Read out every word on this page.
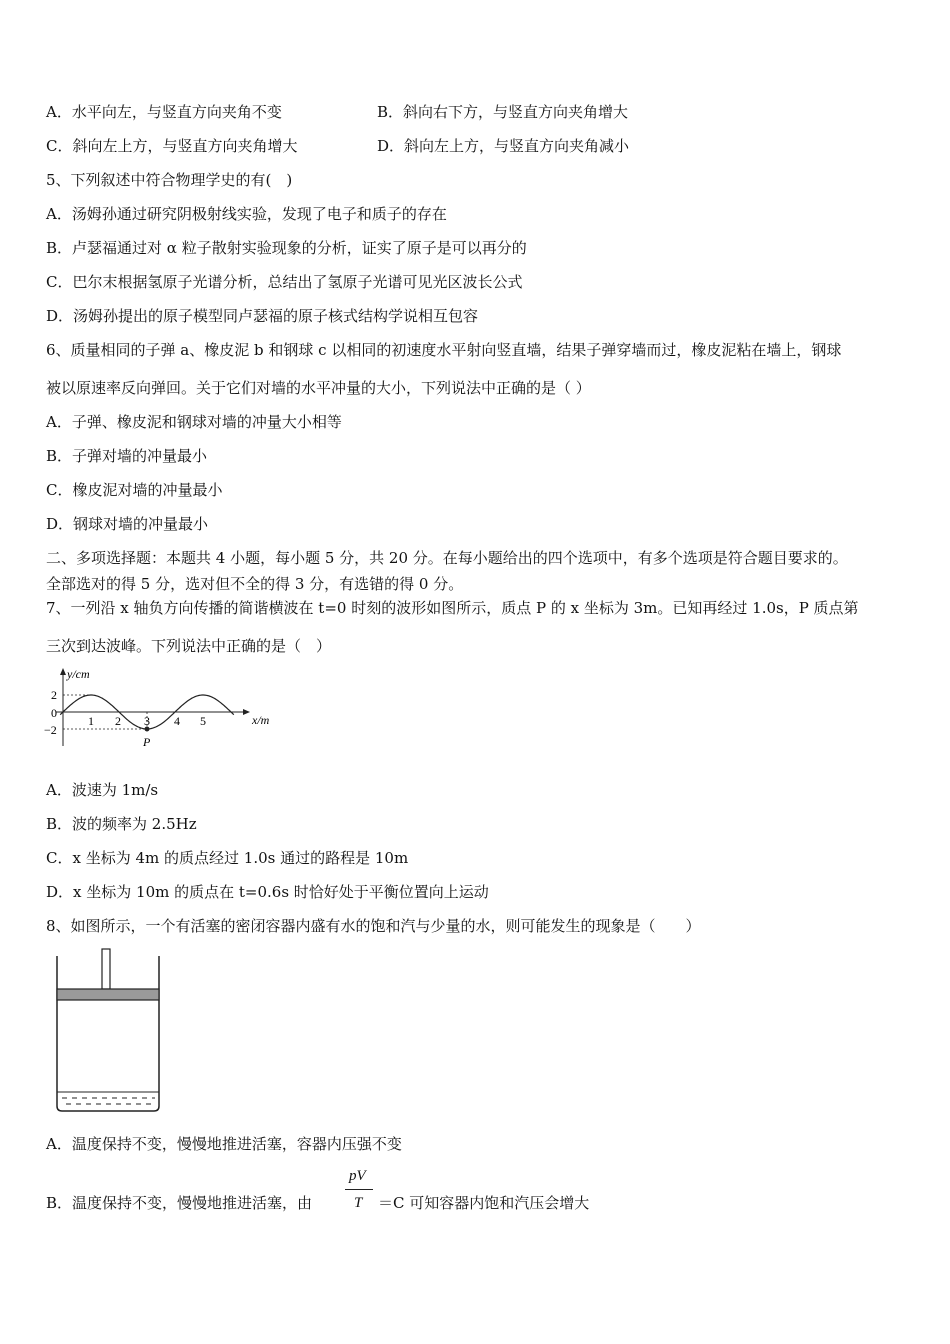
A．水平向左，与竖直方向夹角不变	B．斜向右下方，与竖直方向夹角增大
C．斜向左上方，与竖直方向夹角增大	D．斜向左上方，与竖直方向夹角减小
5、下列叙述中符合物理学史的有(　)
A．汤姆孙通过研究阴极射线实验，发现了电子和质子的存在
B．卢瑟福通过对 α 粒子散射实验现象的分析，证实了原子是可以再分的
C．巴尔末根据氢原子光谱分析，总结出了氢原子光谱可见光区波长公式
D．汤姆孙提出的原子模型同卢瑟福的原子核式结构学说相互包容
6、质量相同的子弹 a、橡皮泥 b 和钢球 c 以相同的初速度水平射向竖直墙，结果子弹穿墙而过，橡皮泥粘在墙上，钢球
被以原速率反向弹回。关于它们对墙的水平冲量的大小，下列说法中正确的是（ ）
A．子弹、橡皮泥和钢球对墙的冲量大小相等
B．子弹对墙的冲量最小
C．橡皮泥对墙的冲量最小
D．钢球对墙的冲量最小
二、多项选择题：本题共 4 小题，每小题 5 分，共 20 分。在每小题给出的四个选项中，有多个选项是符合题目要求的。
全部选对的得 5 分，选对但不全的得 3 分，有选错的得 0 分。
7、一列沿 x 轴负方向传播的简谐横波在 t=0 时刻的波形如图所示，质点 P 的 x 坐标为 3m。已知再经过 1.0s，P 质点第
三次到达波峰。下列说法中正确的是（　）
y/cm
x/m
2
0
−2
1 2 3 4 5
P
A．波速为 1m/s
B．波的频率为 2.5Hz
C．x 坐标为 4m 的质点经过 1.0s 通过的路程是 10m
D．x 坐标为 10m 的质点在 t=0.6s 时恰好处于平衡位置向上运动
8、如图所示，一个有活塞的密闭容器内盛有水的饱和汽与少量的水，则可能发生的现象是（　　）
A．温度保持不变，慢慢地推进活塞，容器内压强不变
B．温度保持不变，慢慢地推进活塞，由
pV
T ＝C 可知容器内饱和汽压会增大
